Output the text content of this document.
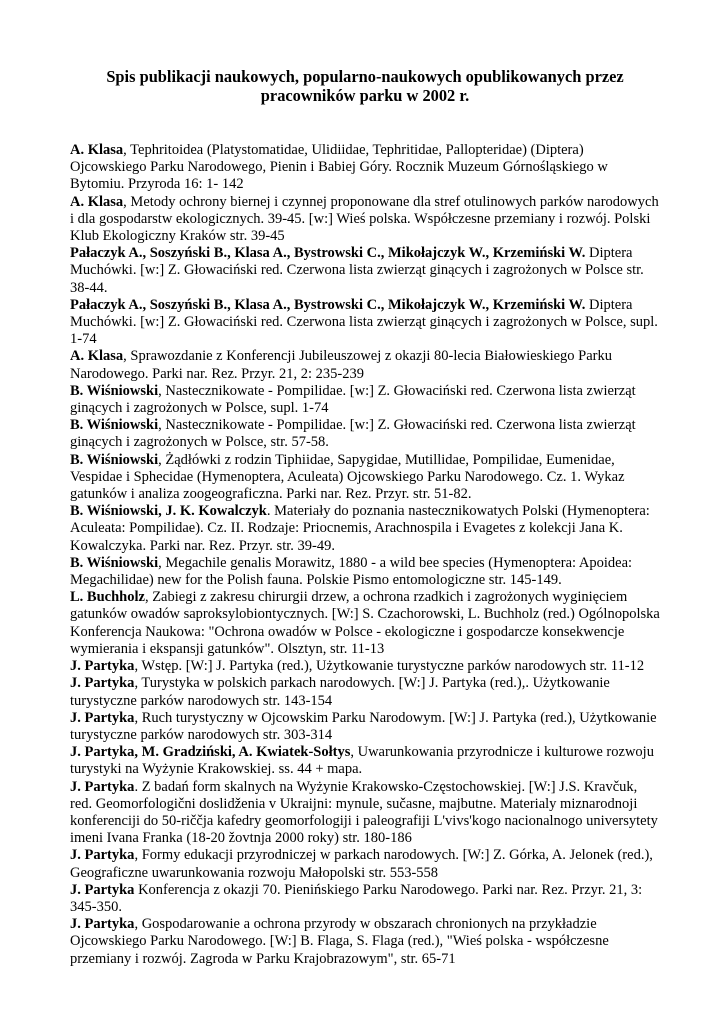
Spis publikacji naukowych, popularno-naukowych opublikowanych przez
pracowników parku w 2002 r.

A. Klasa, Tephritoidea (Platystomatidae, Ulidiidae, Tephritidae, Pallopteridae) (Diptera) Ojcowskiego Parku Narodowego, Pienin i Babiej Góry. Rocznik Muzeum Górnośląskiego w Bytomiu. Przyroda 16: 1- 142

A. Klasa, Metody ochrony biernej i czynnej proponowane dla stref otulinowych parków narodowych i dla gospodarstw ekologicznych. 39-45. [w:] Wieś polska. Współczesne przemiany i rozwój. Polski Klub Ekologiczny Kraków str. 39-45

Pałaczyk A., Soszyński B., Klasa A., Bystrowski C., Mikołajczyk W., Krzemiński W. Diptera Muchówki. [w:] Z. Głowaciński red. Czerwona lista zwierząt ginących i zagrożonych w Polsce str. 38-44.

Pałaczyk A., Soszyński B., Klasa A., Bystrowski C., Mikołajczyk W., Krzemiński W. Diptera Muchówki. [w:] Z. Głowaciński red. Czerwona lista zwierząt ginących i zagrożonych w Polsce, supl. 1-74

A. Klasa, Sprawozdanie z Konferencji Jubileuszowej z okazji 80-lecia Białowieskiego Parku Narodowego. Parki nar. Rez. Przyr. 21, 2: 235-239

B. Wiśniowski, Nastecznikowate - Pompilidae. [w:] Z. Głowaciński red. Czerwona lista zwierząt ginących i zagrożonych w Polsce, supl. 1-74

B. Wiśniowski, Nastecznikowate - Pompilidae. [w:] Z. Głowaciński red. Czerwona lista zwierząt ginących i zagrożonych w Polsce, str. 57-58.

B. Wiśniowski, Żądłówki z rodzin Tiphiidae, Sapygidae, Mutillidae, Pompilidae, Eumenidae, Vespidae i Sphecidae (Hymenoptera, Aculeata) Ojcowskiego Parku Narodowego. Cz. 1. Wykaz gatunków i analiza zoogeograficzna. Parki nar. Rez. Przyr. str. 51-82.

B. Wiśniowski, J. K. Kowalczyk. Materiały do poznania nastecznikowatych Polski (Hymenoptera: Aculeata: Pompilidae). Cz. II. Rodzaje: Priocnemis, Arachnospila i Evagetes z kolekcji Jana K. Kowalczyka. Parki nar. Rez. Przyr. str. 39-49.

B. Wiśniowski, Megachile genalis Morawitz, 1880 - a wild bee species (Hymenoptera: Apoidea: Megachilidae) new for the Polish fauna. Polskie Pismo entomologiczne str. 145-149.

L. Buchholz, Zabiegi z zakresu chirurgii drzew, a ochrona rzadkich i zagrożonych wyginięciem gatunków owadów saproksylobiontycznych. [W:] S. Czachorowski, L. Buchholz (red.) Ogólnopolska Konferencja Naukowa: "Ochrona owadów w Polsce - ekologiczne i gospodarcze konsekwencje wymierania i ekspansji gatunków". Olsztyn, str. 11-13

J. Partyka, Wstęp. [W:] J. Partyka (red.), Użytkowanie turystyczne parków narodowych str. 11-12

J. Partyka, Turystyka w polskich parkach narodowych. [W:] J. Partyka (red.),. Użytkowanie turystyczne parków narodowych str. 143-154

J. Partyka, Ruch turystyczny w Ojcowskim Parku Narodowym. [W:] J. Partyka (red.), Użytkowanie turystyczne parków narodowych str. 303-314

J. Partyka, M. Gradziński, A. Kwiatek-Sołtys, Uwarunkowania przyrodnicze i kulturowe rozwoju turystyki na Wyżynie Krakowskiej. ss. 44 + mapa.

J. Partyka. Z badań form skalnych na Wyżynie Krakowsko-Częstochowskiej. [W:] J.S. Kravčuk, red. Geomorfologični doslidženia v Ukraijni: mynule, sučasne, majbutne. Materialy miznarodnoji konferenciji do 50-riččja kafedry geomorfologiji i paleografiji L'vivs'kogo nacionalnogo universytety imeni Ivana Franka (18-20 žovtnja 2000 roky) str. 180-186

J. Partyka, Formy edukacji przyrodniczej w parkach narodowych. [W:] Z. Górka, A. Jelonek (red.), Geograficzne uwarunkowania rozwoju Małopolski str. 553-558

J. Partyka Konferencja z okazji 70. Pienińskiego Parku Narodowego. Parki nar. Rez. Przyr. 21, 3: 345-350.

J. Partyka, Gospodarowanie a ochrona przyrody w obszarach chronionych na przykładzie Ojcowskiego Parku Narodowego. [W:] B. Flaga, S. Flaga (red.), "Wieś polska - współczesne przemiany i rozwój. Zagroda w Parku Krajobrazowym", str. 65-71
